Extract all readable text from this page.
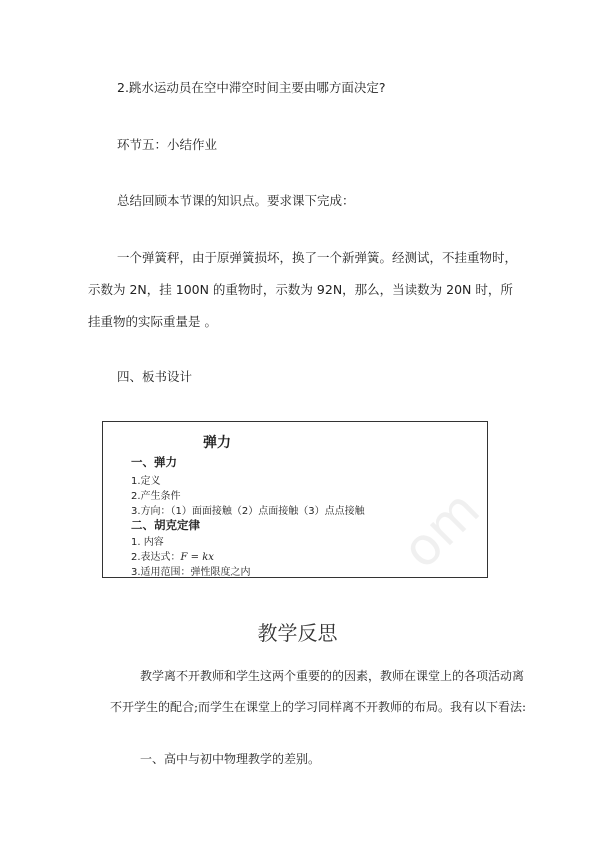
2.跳水运动员在空中滞空时间主要由哪方面决定?
环节五：小结作业
总结回顾本节课的知识点。要求课下完成：
一个弹簧秤，由于原弹簧损坏，换了一个新弹簧。经测试，不挂重物时，
示数为 2N，挂 100N 的重物时，示数为 92N，那么，当读数为 20N 时，所
挂重物的实际重量是 。
四、板书设计
弹力
一、弹力
1.定义
2.产生条件
3.方向：（1）面面接触（2）点面接触（3）点点接触
二、胡克定律
1. 内容
2.表达式：F = kx
3.适用范围：弹性限度之内	om
教学反思
教学离不开教师和学生这两个重要的的因素，教师在课堂上的各项活动离
不开学生的配合;而学生在课堂上的学习同样离不开教师的布局。我有以下看法:
一、高中与初中物理教学的差别。
